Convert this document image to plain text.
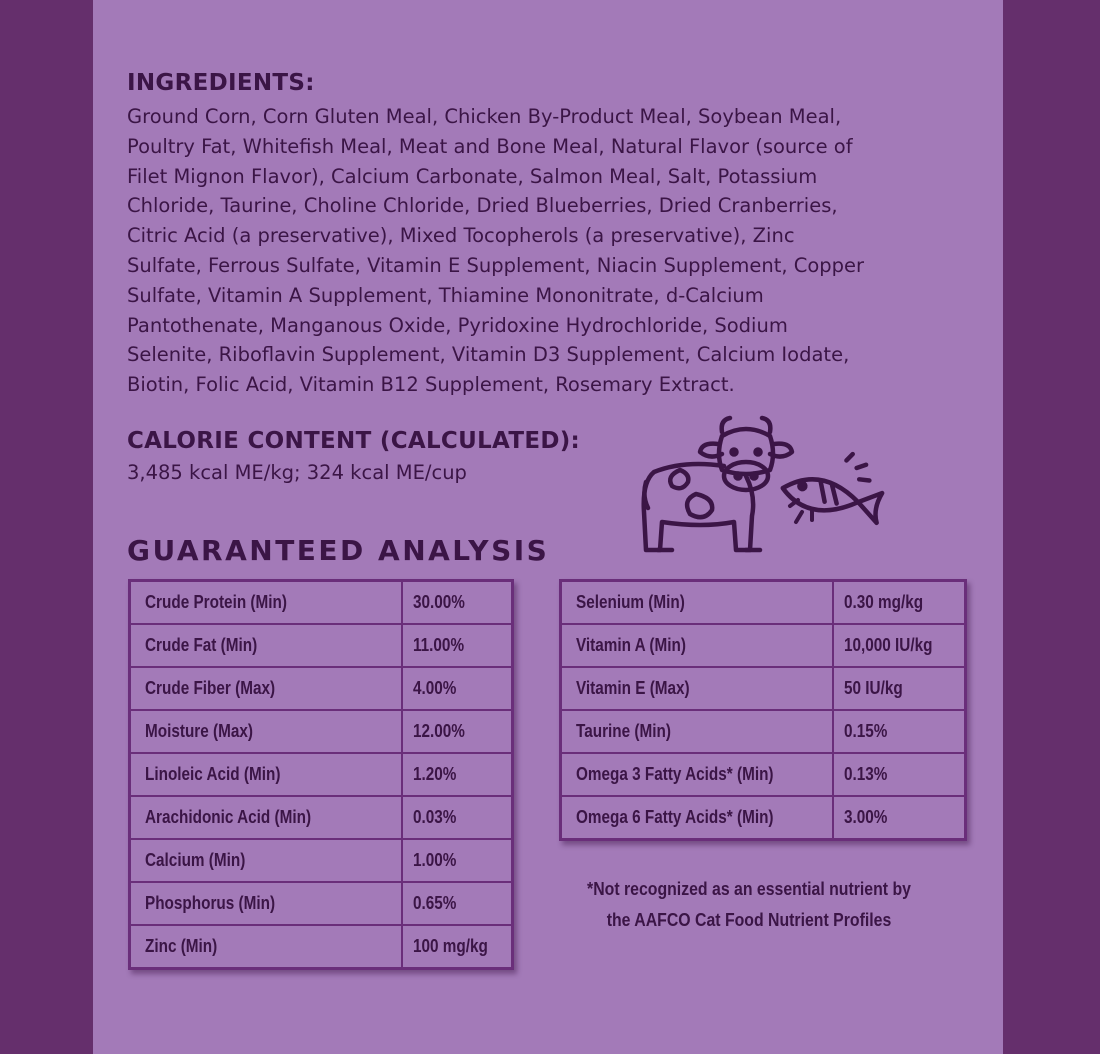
INGREDIENTS:
Ground Corn, Corn Gluten Meal, Chicken By-Product Meal, Soybean Meal,
Poultry Fat, Whitefish Meal, Meat and Bone Meal, Natural Flavor (source of
Filet Mignon Flavor), Calcium Carbonate, Salmon Meal, Salt, Potassium
Chloride, Taurine, Choline Chloride, Dried Blueberries, Dried Cranberries,
Citric Acid (a preservative), Mixed Tocopherols (a preservative), Zinc
Sulfate, Ferrous Sulfate, Vitamin E Supplement, Niacin Supplement, Copper
Sulfate, Vitamin A Supplement, Thiamine Mononitrate, d-Calcium
Pantothenate, Manganous Oxide, Pyridoxine Hydrochloride, Sodium
Selenite, Riboflavin Supplement, Vitamin D3 Supplement, Calcium Iodate,
Biotin, Folic Acid, Vitamin B12 Supplement, Rosemary Extract.
CALORIE CONTENT (CALCULATED):
3,485 kcal ME/kg; 324 kcal ME/cup
GUARANTEED ANALYSIS
Crude Protein (Min)	30.00%
Crude Fat (Min)	11.00%
Crude Fiber (Max)	4.00%
Moisture (Max)	12.00%
Linoleic Acid (Min)	1.20%
Arachidonic Acid (Min)	0.03%
Calcium (Min)	1.00%
Phosphorus (Min)	0.65%
Zinc (Min)	100 mg/kg
Selenium (Min)	0.30 mg/kg
Vitamin A (Min)	10,000 IU/kg
Vitamin E (Max)	50 IU/kg
Taurine (Min)	0.15%
Omega 3 Fatty Acids* (Min)	0.13%
Omega 6 Fatty Acids* (Min)	3.00%
*Not recognized as an essential nutrient by
the AAFCO Cat Food Nutrient Profiles
